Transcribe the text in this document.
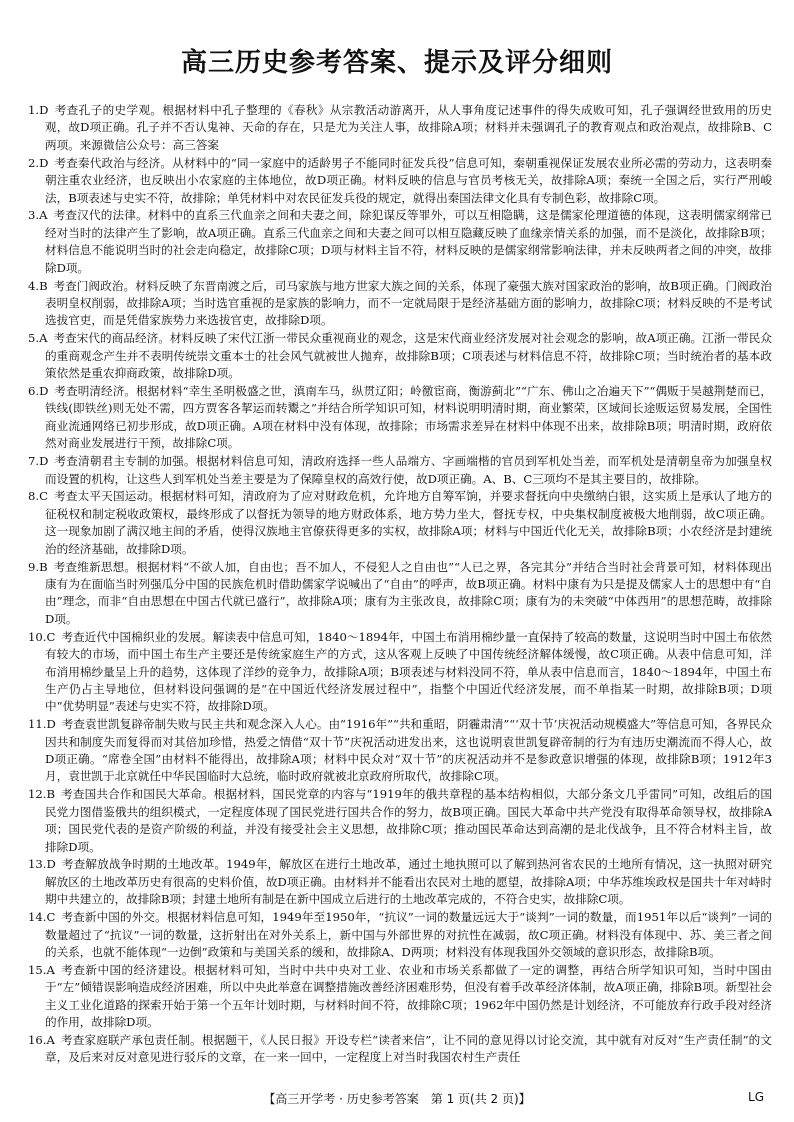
高三历史参考答案、提示及评分细则
1.D 考查孔子的史学观。根据材料中孔子整理的《春秋》从宗教活动游离开，从人事角度记述事件的得失成败可知，孔子强调经世致用的历史观，故D项正确。孔子并不否认鬼神、天命的存在，只是尤为关注人事，故排除A项；材料并未强调孔子的教育观点和政治观点，故排除B、C两项。来源微信公众号：高三答案
2.D 考查秦代政治与经济。从材料中的“同一家庭中的适龄男子不能同时征发兵役”信息可知，秦朝重视保证发展农业所必需的劳动力，这表明秦朝注重农业经济，也反映出小农家庭的主体地位，故D项正确。材料反映的信息与官员考核无关，故排除A项；秦统一全国之后，实行严刑峻法，B项表述与史实不符，故排除；单凭材料中对农民征发兵役的规定，就得出秦国法律文化具有专制色彩，故排除C项。
3.A 考查汉代的法律。材料中的直系三代血亲之间和夫妻之间，除犯谋反等罪外，可以互相隐瞒，这是儒家伦理道德的体现，这表明儒家纲常已经对当时的法律产生了影响，故A项正确。直系三代血亲之间和夫妻之间可以相互隐藏反映了血缘亲情关系的加强，而不是淡化，故排除B项；材料信息不能说明当时的社会走向稳定，故排除C项；D项与材料主旨不符，材料反映的是儒家纲常影响法律，并未反映两者之间的冲突，故排除D项。
4.B 考查门阀政治。材料反映了东晋南渡之后，司马家族与地方世家大族之间的关系，体现了豪强大族对国家政治的影响，故B项正确。门阀政治表明皇权削弱，故排除A项；当时选官重视的是家族的影响力，而不一定就局限于是经济基础方面的影响力，故排除C项；材料反映的不是考试选拔官吏，而是凭借家族势力来选拔官吏，故排除D项。
5.A 考查宋代的商品经济。材料反映了宋代江浙一带民众重视商业的观念，这是宋代商业经济发展对社会观念的影响，故A项正确。江浙一带民众的重商观念产生并不表明传统崇文重本士的社会风气就被世人抛弃，故排除B项；C项表述与材料信息不符，故排除C项；当时统治者的基本政策依然是重农抑商政策，故排除D项。
6.D 考查明清经济。根据材料“幸生圣明极盛之世，滇南车马，纵贯辽阳；岭徼宦商，衡游蓟北”“广东、佛山之冶遍天下”“偶贩于吴越荆楚而已，铁线(即铁丝)则无处不需，四方贾客各挈运而转鬻之”并结合所学知识可知，材料说明明清时期，商业繁荣，区域间长途贩运贸易发展，全国性商业流通网络已初步形成，故D项正确。A项在材料中没有体现，故排除；市场需求差异在材料中体现不出来，故排除B项；明清时期，政府依然对商业发展进行干预，故排除C项。
7.D 考查清朝君主专制的加强。根据材料信息可知，清政府选择一些人品端方、字画端楷的官员到军机处当差，而军机处是清朝皇帝为加强皇权而设置的机构，让这些人到军机处当差主要是为了保障皇权的高效行使，故D项正确。A、B、C三项均不是其主要目的，故排除。
8.C 考查太平天国运动。根据材料可知，清政府为了应对财政危机，允许地方自筹军饷，并要求督抚向中央缴纳白银，这实质上是承认了地方的征税权和制定税收政策权，最终形成了以督抚为领导的地方财政体系，地方势力坐大，督抚专权，中央集权制度被极大地削弱，故C项正确。这一现象加剧了满汉地主间的矛盾，使得汉族地主官僚获得更多的实权，故排除A项；材料与中国近代化无关，故排除B项；小农经济是封建统治的经济基础，故排除D项。
9.B 考查维新思想。根据材料“不欲人加，自由也；吾不加人，不侵犯人之自由也”“人已之界，各完其分”并结合当时社会背景可知，材料体现出康有为在面临当时列强瓜分中国的民族危机时借助儒家学说喊出了“自由”的呼声，故B项正确。材料中康有为只是提及儒家人士的思想中有“自由”理念，而非“自由思想在中国古代就已盛行”，故排除A项；康有为主张改良，故排除C项；康有为的未突破“中体西用”的思想范畴，故排除D项。
10.C 考查近代中国棉织业的发展。解读表中信息可知，1840～1894年，中国土布消用棉纱量一直保持了较高的数量，这说明当时中国土布依然有较大的市场，而中国土布生产主要还是传统家庭生产的方式，这从客观上反映了中国传统经济解体缓慢，故C项正确。从表中信息可知，洋布消用棉纱量呈上升的趋势，这体现了洋纱的竞争力，故排除A项；B项表述与材料没同不符，单从表中信息而言，1840～1894年，中国土布生产仍占主导地位，但材料设问强调的是“在中国近代经济发展过程中”，指整个中国近代经济发展，而不单指某一时期，故排除B项；D项中“优势明显”表述与史实不符，故排除D项。
11.D 考查袁世凯复辟帝制失败与民主共和观念深入人心。由“1916年”“共和重昭，阴霾肃清”“‘双十节’庆祝活动规模盛大”等信息可知，各界民众因共和制度失而复得而对其倍加珍惜，热爱之情借“双十节”庆祝活动进发出来，这也说明袁世凯复辟帝制的行为有违历史潮流而不得人心，故D项正确。“席卷全国”由材料不能得出，故排除A项；材料中民众对“双十节”的庆祝活动并不是参政意识增强的体现，故排除B项；1912年3月，袁世凯于北京就任中华民国临时大总统，临时政府就被北京政府所取代，故排除C项。
12.B 考查国共合作和国民大革命。根据材料，国民党章的内容与“1919年的俄共章程的基本结构相似，大部分条文几乎雷同”可知，改组后的国民党力图借鉴俄共的组织模式，一定程度体现了国民党进行国共合作的努力，故B项正确。国民大革命中共产党没有取得革命领导权，故排除A项；国民党代表的是资产阶级的利益，并没有接受社会主义思想，故排除C项；推动国民革命达到高潮的是北伐战争，且不符合材料主旨，故排除D项。
13.D 考查解放战争时期的土地改革。1949年，解放区在进行土地改革，通过土地执照可以了解到热河省农民的土地所有情况，这一执照对研究解放区的土地改革历史有很高的史料价值，故D项正确。由材料并不能看出农民对土地的愿望，故排除A项；中华苏维埃政权是国共十年对峙时期中共建立的，故排除B项；封建土地所有制是在新中国成立后进行的土地改革完成的，不符合史实，故排除C项。
14.C 考查新中国的外交。根据材料信息可知，1949年至1950年，“抗议”一词的数量远远大于“谈判”一词的数量，而1951年以后“谈判”一词的数量超过了“抗议”一词的数量，这折射出在对外关系上，新中国与外部世界的对抗性在减弱，故C项正确。材料没有体现中、苏、美三者之间的关系，也就不能体现“一边倒”政策和与美国关系的缓和，故排除A、D两项；材料没有体现我国外交领域的意识形态，故排除B项。
15.A 考查新中国的经济建设。根据材料可知，当时中共中央对工业、农业和市场关系都做了一定的调整，再结合所学知识可知，当时中国由于“左”倾错误影响造成经济困难，所以中央此举意在调整措施改善经济困难形势，但没有着手改革经济体制，故A项正确，排除B项。新型社会主义工业化道路的探索开始于第一个五年计划时期，与材料时间不符，故排除C项；1962年中国仍然是计划经济，不可能放弃行政手段对经济的作用，故排除D项。
16.A 考查家庭联产承包责任制。根据题干，《人民日报》开设专栏“读者来信”，让不同的意见得以讨论交流，其中就有对反对“生产责任制”的文章，及后来对反对意见进行驳斥的文章，在一来一回中，一定程度上对当时我国农村生产责任
【高三开学考 · 历史参考答案　第 1 页(共 2 页)】	LG
